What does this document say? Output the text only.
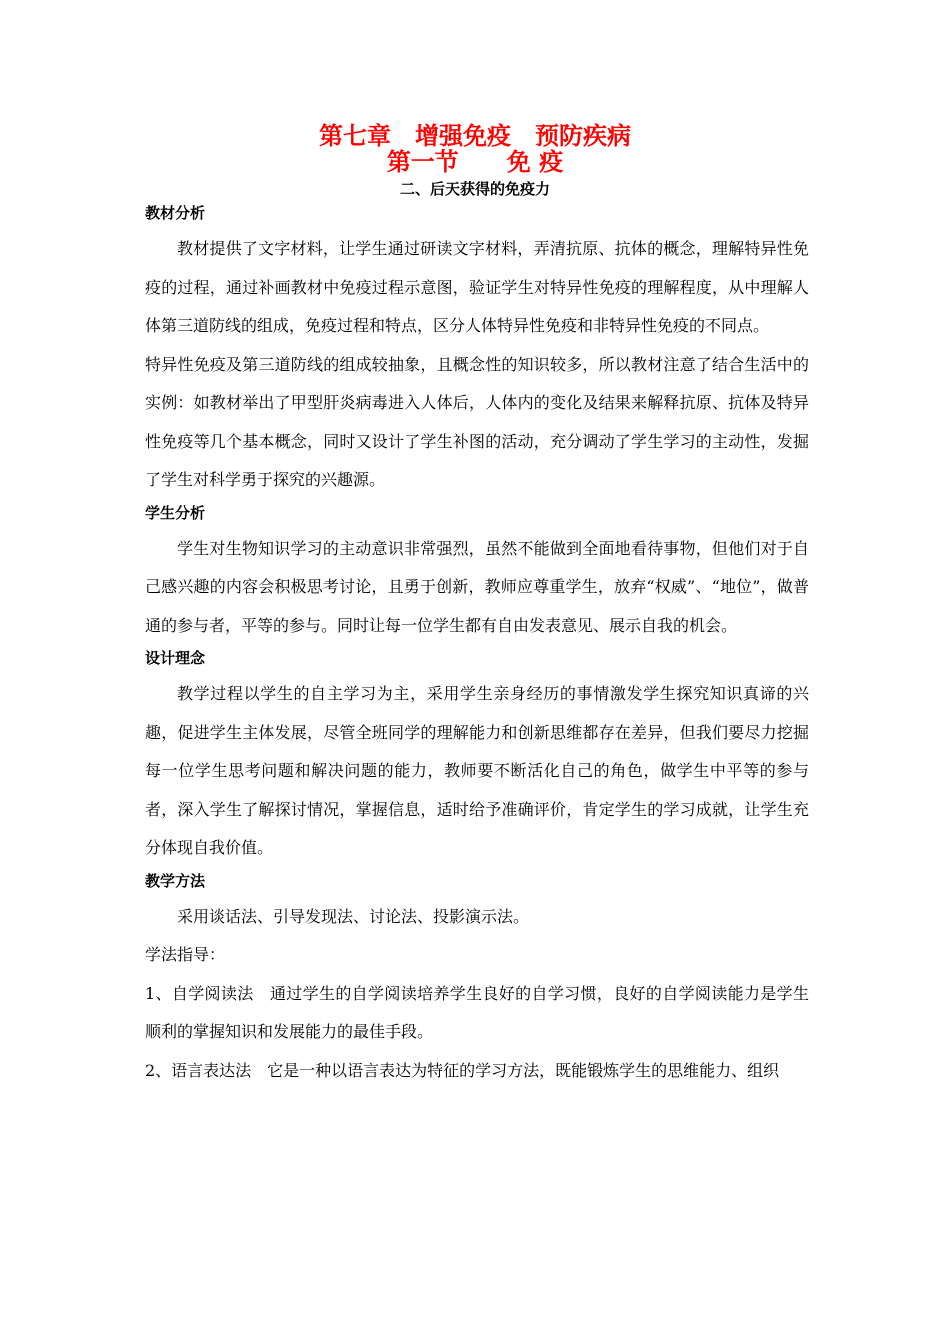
第七章　增强免疫　预防疾病
第一节　　免 疫
二、后天获得的免疫力
教材分析

教材提供了文字材料，让学生通过研读文字材料，弄清抗原、抗体的概念，理解特异性免疫的过程，通过补画教材中免疫过程示意图，验证学生对特异性免疫的理解程度，从中理解人体第三道防线的组成，免疫过程和特点，区分人体特异性免疫和非特异性免疫的不同点。

特异性免疫及第三道防线的组成较抽象，且概念性的知识较多，所以教材注意了结合生活中的实例：如教材举出了甲型肝炎病毒进入人体后，人体内的变化及结果来解释抗原、抗体及特异性免疫等几个基本概念，同时又设计了学生补图的活动，充分调动了学生学习的主动性，发掘了学生对科学勇于探究的兴趣源。

学生分析

学生对生物知识学习的主动意识非常强烈，虽然不能做到全面地看待事物，但他们对于自己感兴趣的内容会积极思考讨论，且勇于创新，教师应尊重学生，放弃“权威”、“地位”，做普通的参与者，平等的参与。同时让每一位学生都有自由发表意见、展示自我的机会。

设计理念

教学过程以学生的自主学习为主，采用学生亲身经历的事情激发学生探究知识真谛的兴趣，促进学生主体发展，尽管全班同学的理解能力和创新思维都存在差异，但我们要尽力挖掘每一位学生思考问题和解决问题的能力，教师要不断活化自己的角色，做学生中平等的参与者，深入学生了解探讨情况，掌握信息，适时给予准确评价，肯定学生的学习成就，让学生充分体现自我价值。

教学方法

采用谈话法、引导发现法、讨论法、投影演示法。

学法指导：

1、自学阅读法　通过学生的自学阅读培养学生良好的自学习惯，良好的自学阅读能力是学生顺利的掌握知识和发展能力的最佳手段。

2、语言表达法　它是一种以语言表达为特征的学习方法，既能锻炼学生的思维能力、组织
